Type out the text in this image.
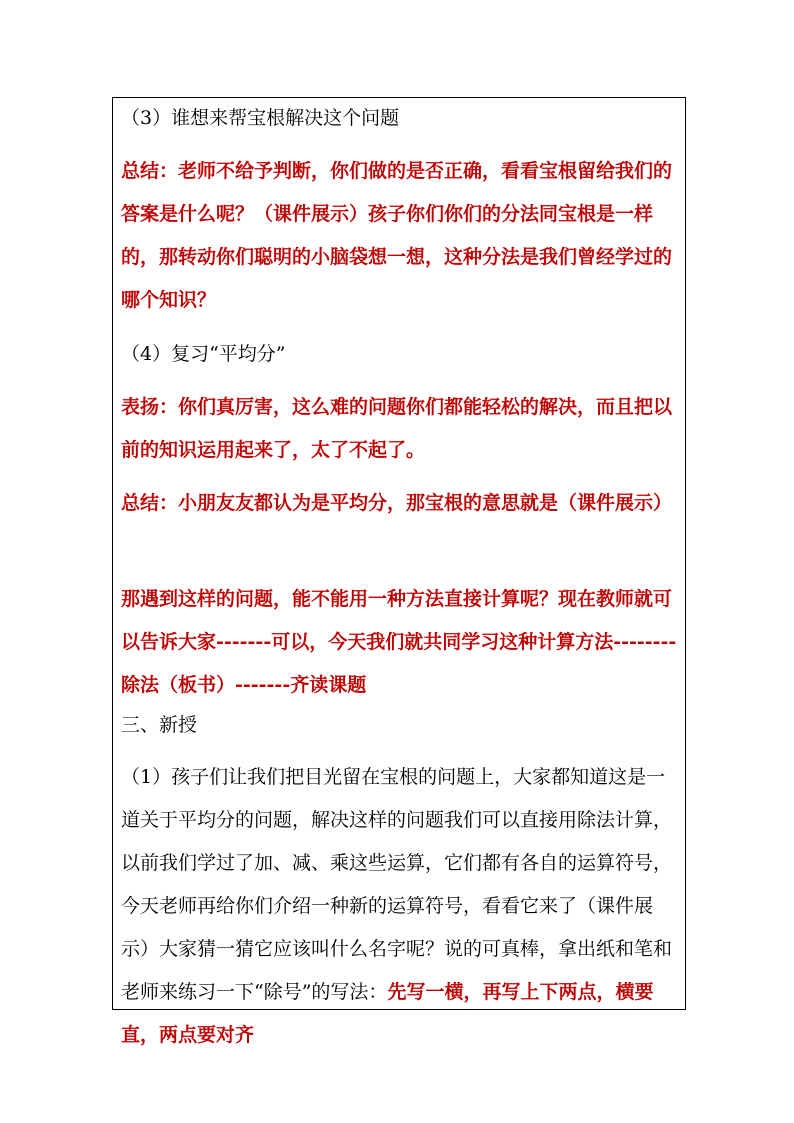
（3）谁想来帮宝根解决这个问题

总结：老师不给予判断，你们做的是否正确，看看宝根留给我们的答案是什么呢？（课件展示）孩子你们你们的分法同宝根是一样的，那转动你们聪明的小脑袋想一想，这种分法是我们曾经学过的哪个知识？

（4）复习“平均分”

表扬：你们真厉害，这么难的问题你们都能轻松的解决，而且把以前的知识运用起来了，太了不起了。

总结：小朋友友都认为是平均分，那宝根的意思就是（课件展示）

那遇到这样的问题，能不能用一种方法直接计算呢？现在教师就可以告诉大家-------可以，今天我们就共同学习这种计算方法--------除法（板书）-------齐读课题

三、新授

（1）孩子们让我们把目光留在宝根的问题上，大家都知道这是一道关于平均分的问题，解决这样的问题我们可以直接用除法计算，以前我们学过了加、减、乘这些运算，它们都有各自的运算符号，今天老师再给你们介绍一种新的运算符号，看看它来了（课件展示）大家猜一猜它应该叫什么名字呢？说的可真棒，拿出纸和笔和老师来练习一下“除号”的写法：先写一横，再写上下两点，横要直，两点要对齐
